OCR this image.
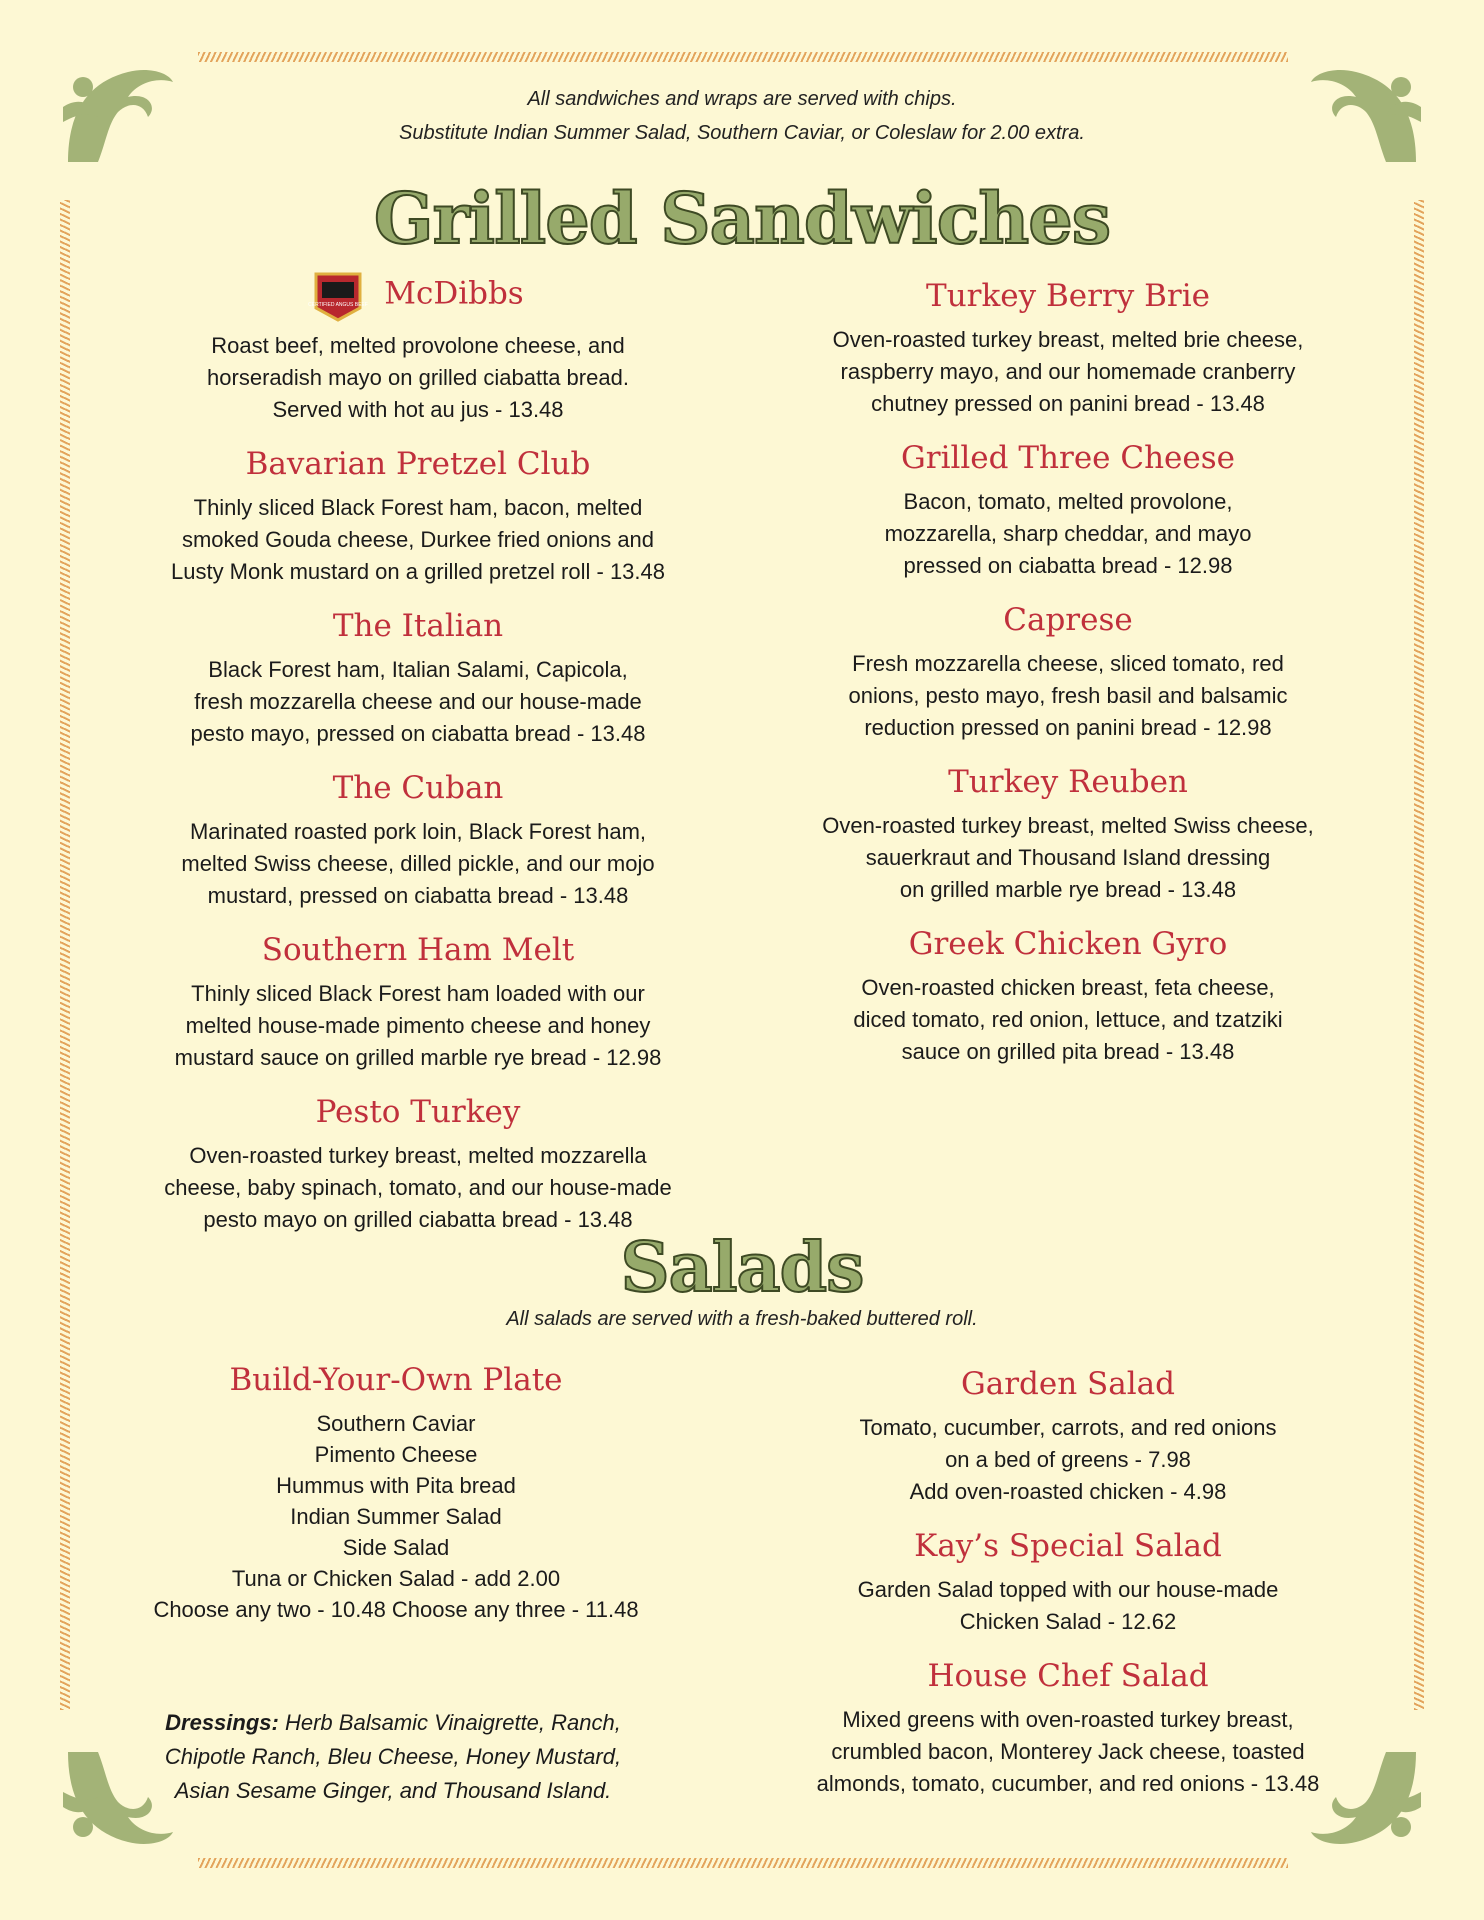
All sandwiches and wraps are served with chips.
Substitute Indian Summer Salad, Southern Caviar, or Coleslaw for 2.00 extra.
Grilled Sandwiches
CERTIFIED ANGUS BEEF McDibbs
Roast beef, melted provolone cheese, and
horseradish mayo on grilled ciabatta bread.
Served with hot au jus - 13.48
Bavarian Pretzel Club
Thinly sliced Black Forest ham, bacon, melted
smoked Gouda cheese, Durkee fried onions and
Lusty Monk mustard on a grilled pretzel roll - 13.48
The Italian
Black Forest ham, Italian Salami, Capicola,
fresh mozzarella cheese and our house-made
pesto mayo, pressed on ciabatta bread - 13.48
The Cuban
Marinated roasted pork loin, Black Forest ham,
melted Swiss cheese, dilled pickle, and our mojo
mustard, pressed on ciabatta bread - 13.48
Southern Ham Melt
Thinly sliced Black Forest ham loaded with our
melted house-made pimento cheese and honey
mustard sauce on grilled marble rye bread - 12.98
Pesto Turkey
Oven-roasted turkey breast, melted mozzarella
cheese, baby spinach, tomato, and our house-made
pesto mayo on grilled ciabatta bread - 13.48
Turkey Berry Brie
Oven-roasted turkey breast, melted brie cheese,
raspberry mayo, and our homemade cranberry
chutney pressed on panini bread - 13.48
Grilled Three Cheese
Bacon, tomato, melted provolone,
mozzarella, sharp cheddar, and mayo
pressed on ciabatta bread - 12.98
Caprese
Fresh mozzarella cheese, sliced tomato, red
onions, pesto mayo, fresh basil and balsamic
reduction pressed on panini bread - 12.98
Turkey Reuben
Oven-roasted turkey breast, melted Swiss cheese,
sauerkraut and Thousand Island dressing
on grilled marble rye bread - 13.48
Greek Chicken Gyro
Oven-roasted chicken breast, feta cheese,
diced tomato, red onion, lettuce, and tzatziki
sauce on grilled pita bread - 13.48
Salads
All salads are served with a fresh-baked buttered roll.
Build-Your-Own Plate
Southern Caviar
Pimento Cheese
Hummus with Pita bread
Indian Summer Salad
Side Salad
Tuna or Chicken Salad - add 2.00
Choose any two - 10.48 Choose any three - 11.48
Garden Salad
Tomato, cucumber, carrots, and red onions
on a bed of greens - 7.98
Add oven-roasted chicken - 4.98
Kay’s Special Salad
Garden Salad topped with our house-made
Chicken Salad - 12.62
House Chef Salad
Mixed greens with oven-roasted turkey breast,
crumbled bacon, Monterey Jack cheese, toasted
almonds, tomato, cucumber, and red onions - 13.48
Dressings: Herb Balsamic Vinaigrette, Ranch,
Chipotle Ranch, Bleu Cheese, Honey Mustard,
Asian Sesame Ginger, and Thousand Island.
